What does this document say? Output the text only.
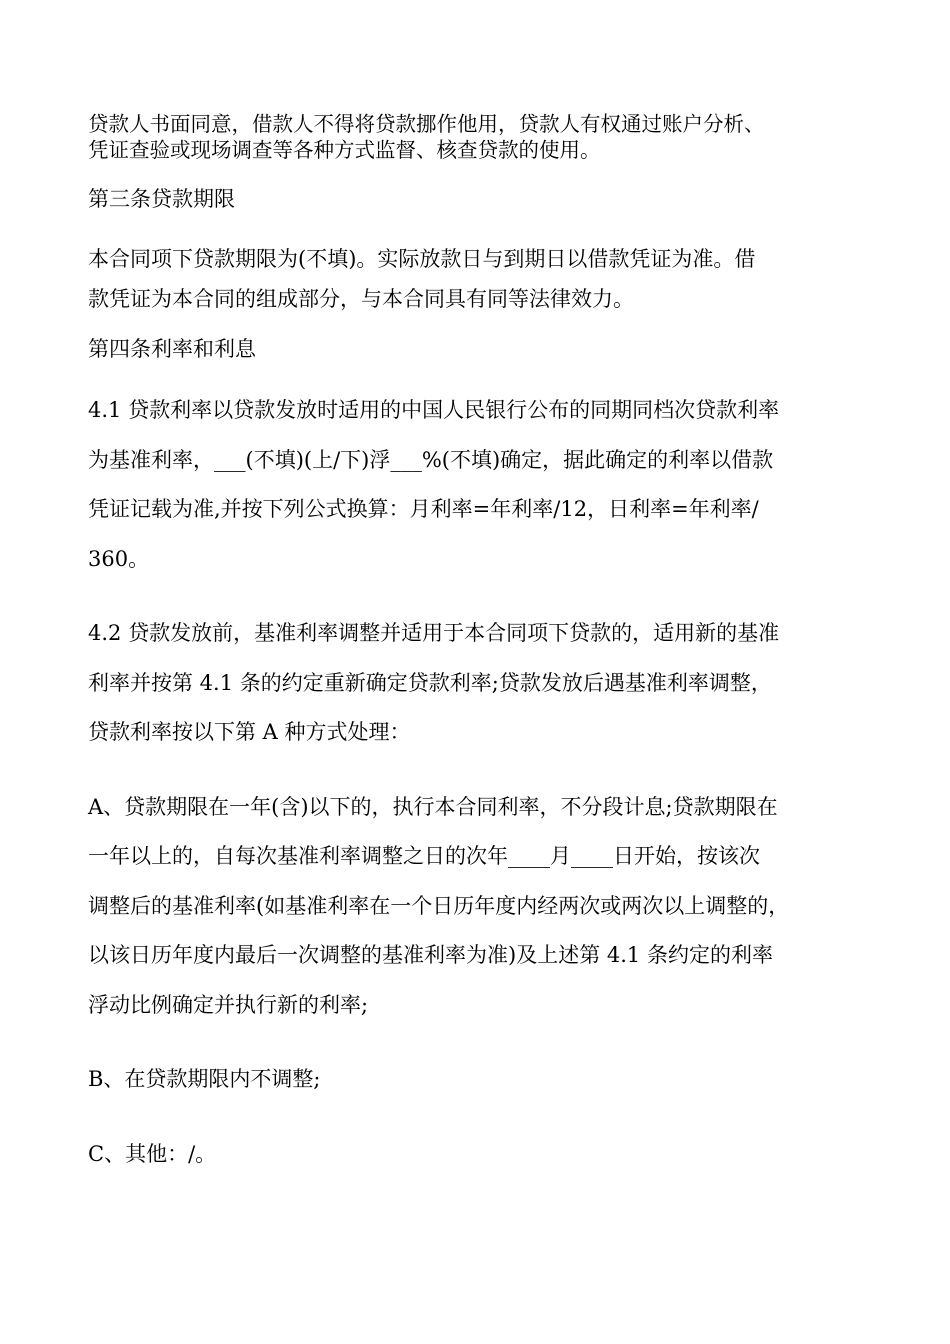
贷款人书面同意，借款人不得将贷款挪作他用，贷款人有权通过账户分析、
凭证查验或现场调查等各种方式监督、核查贷款的使用。
第三条贷款期限
本合同项下贷款期限为(不填)。实际放款日与到期日以借款凭证为准。借
款凭证为本合同的组成部分，与本合同具有同等法律效力。
第四条利率和利息
4.1 贷款利率以贷款发放时适用的中国人民银行公布的同期同档次贷款利率
为基准利率，___(不填)(上/下)浮___%(不填)确定，据此确定的利率以借款
凭证记载为准,并按下列公式换算：月利率=年利率/12，日利率=年利率/
360。
4.2 贷款发放前，基准利率调整并适用于本合同项下贷款的，适用新的基准
利率并按第 4.1 条的约定重新确定贷款利率;贷款发放后遇基准利率调整，
贷款利率按以下第 A 种方式处理：
A、贷款期限在一年(含)以下的，执行本合同利率，不分段计息;贷款期限在
一年以上的，自每次基准利率调整之日的次年____月____日开始，按该次
调整后的基准利率(如基准利率在一个日历年度内经两次或两次以上调整的，
以该日历年度内最后一次调整的基准利率为准)及上述第 4.1 条约定的利率
浮动比例确定并执行新的利率;
B、在贷款期限内不调整;
C、其他：/。
